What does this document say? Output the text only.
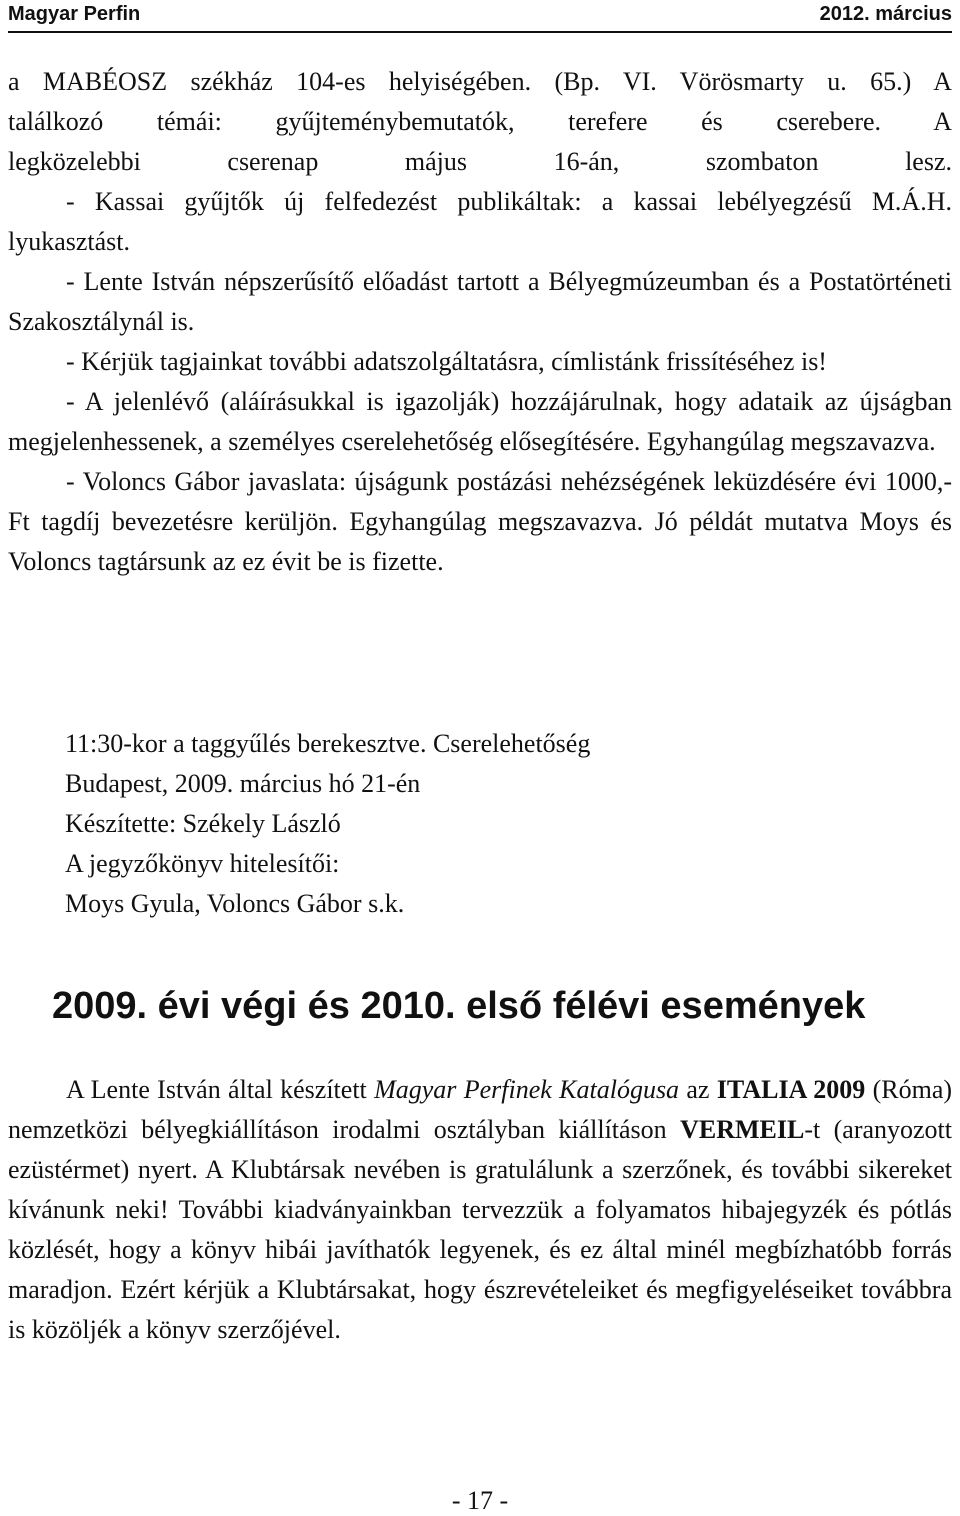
Magyar Perfin	2012. március

a MABÉOSZ székház 104-es helyiségében. (Bp. VI. Vörösmarty u. 65.) A
találkozó témái: gyűjteménybemutatók, terefere és cserebere. A
legközelebbi cserenap május 16-án, szombaton lesz.

- Kassai gyűjtők új felfedezést publikáltak: a kassai lebélyegzésű M.Á.H. lyukasztást.

- Lente István népszerűsítő előadást tartott a Bélyegmúzeumban és a Postatörténeti Szakosztálynál is.

- Kérjük tagjainkat további adatszolgáltatásra, címlistánk frissítéséhez is!

- A jelenlévő (aláírásukkal is igazolják) hozzájárulnak, hogy adataik az újságban megjelenhessenek, a személyes cserelehetőség elősegítésére. Egyhangúlag megszavazva.

- Voloncs Gábor javaslata: újságunk postázási nehézségének leküzdésére évi 1000,- Ft tagdíj bevezetésre kerüljön. Egyhangúlag megszavazva. Jó példát mutatva Moys és Voloncs tagtársunk az ez évit be is fizette.

11:30-kor a taggyűlés berekesztve. Cserelehetőség
Budapest, 2009. március hó 21-én
Készítette: Székely László
A jegyzőkönyv hitelesítői:
Moys Gyula, Voloncs Gábor s.k.
2009. évi végi és 2010. első félévi események

A Lente István által készített Magyar Perfinek Katalógusa az ITALIA 2009 (Róma) nemzetközi bélyegkiállításon irodalmi osztályban kiállításon VERMEIL-t (aranyozott ezüstérmet) nyert. A Klubtársak nevében is gratulálunk a szerzőnek, és további sikereket kívánunk neki! További kiadványainkban tervezzük a folyamatos hibajegyzék és pótlás közlését, hogy a könyv hibái javíthatók legyenek, és ez által minél megbízhatóbb forrás maradjon. Ezért kérjük a Klubtársakat, hogy észrevételeiket és megfigyeléseiket továbbra is közöljék a könyv szerzőjével.

- 17 -
